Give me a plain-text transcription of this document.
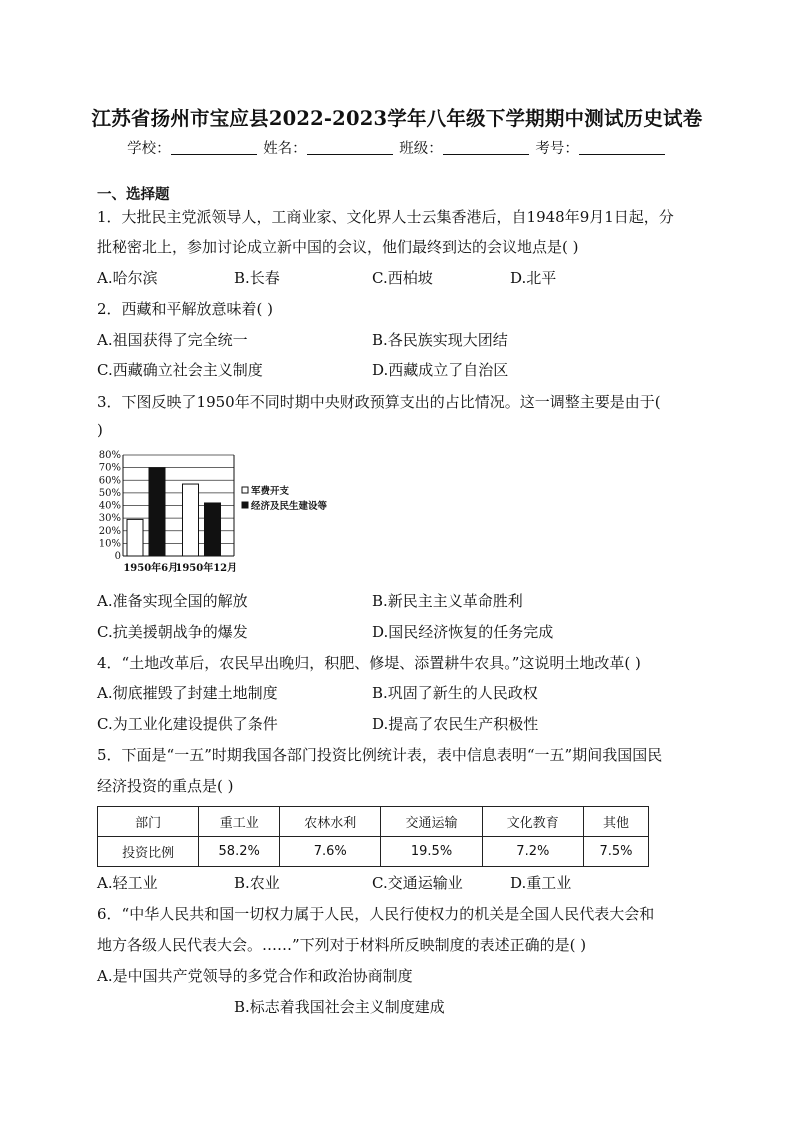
江苏省扬州市宝应县2022-2023学年八年级下学期期中测试历史试卷
学校：	姓名：	班级：	考号：
一、选择题
1．大批民主党派领导人，工商业家、文化界人士云集香港后，自1948年9月1日起，分
批秘密北上，参加讨论成立新中国的会议，他们最终到达的会议地点是( )
A.哈尔滨	B.长春	C.西柏坡	D.北平
2．西藏和平解放意味着( )
A.祖国获得了完全统一	B.各民族实现大团结
C.西藏确立社会主义制度	D.西藏成立了自治区
3．下图反映了1950年不同时期中央财政预算支出的占比情况。这一调整主要是由于(
)
0
10%
20%
30%
40%
50%
60%
70%
80%
1950年6月
1950年12月
军费开支
经济及民生建设等
A.准备实现全国的解放	B.新民主主义革命胜利
C.抗美援朝战争的爆发	D.国民经济恢复的任务完成
4．“土地改革后，农民早出晚归，积肥、修堤、添置耕牛农具。”这说明土地改革( )
A.彻底摧毁了封建土地制度	B.巩固了新生的人民政权
C.为工业化建设提供了条件	D.提高了农民生产积极性
5．下面是“一五”时期我国各部门投资比例统计表，表中信息表明“一五”期间我国国民
经济投资的重点是( )
部门	重工业	农林水利	交通运输	文化教育	其他
投资比例	58.2%	7.6%	19.5%	7.2%	7.5%
A.轻工业	B.农业	C.交通运输业	D.重工业
6．“中华人民共和国一切权力属于人民，人民行使权力的机关是全国人民代表大会和
地方各级人民代表大会。……”下列对于材料所反映制度的表述正确的是( )
A.是中国共产党领导的多党合作和政治协商制度
B.标志着我国社会主义制度建成
